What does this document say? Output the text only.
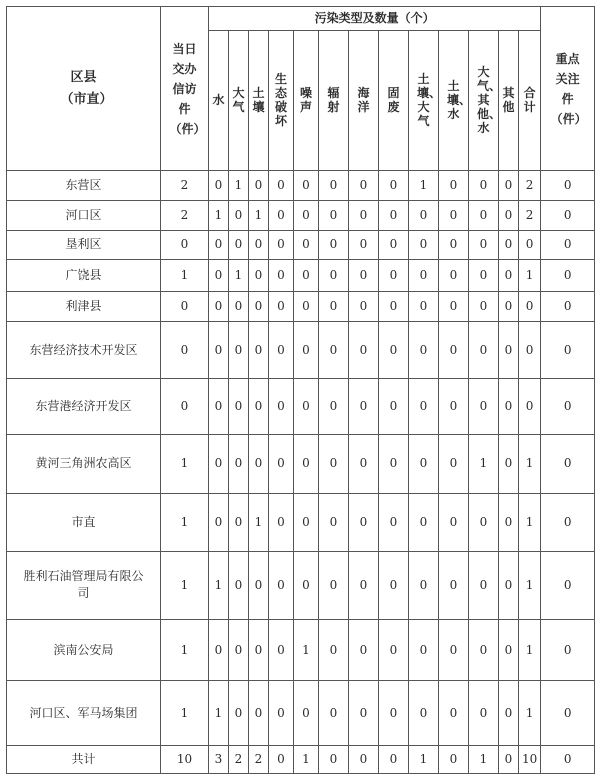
区县（市直）	当日交办信访件（件）	污染类型及数量（个）													重点关注件（件）
		水	大气	土壤	生态破坏	噪声	辐射	海洋	固废	土壤、大气	土壤、水	大气、其他、水	其他	合计	
东营区	2	0	1	0	0	0	0	0	0	1	0	0	0	2	0
河口区	2	1	0	1	0	0	0	0	0	0	0	0	0	2	0
垦利区	0	0	0	0	0	0	0	0	0	0	0	0	0	0	0
广饶县	1	0	1	0	0	0	0	0	0	0	0	0	0	1	0
利津县	0	0	0	0	0	0	0	0	0	0	0	0	0	0	0
东营经济技术开发区	0	0	0	0	0	0	0	0	0	0	0	0	0	0	0
东营港经济开发区	0	0	0	0	0	0	0	0	0	0	0	0	0	0	0
黄河三角洲农高区	1	0	0	0	0	0	0	0	0	0	0	1	0	1	0
市直	1	0	0	1	0	0	0	0	0	0	0	0	0	1	0
胜利石油管理局有限公司	1	1	0	0	0	0	0	0	0	0	0	0	0	1	0
滨南公安局	1	0	0	0	0	1	0	0	0	0	0	0	0	1	0
河口区、军马场集团	1	1	0	0	0	0	0	0	0	0	0	0	0	1	0
共计	10	3	2	2	0	1	0	0	0	1	0	1	0	10	0
